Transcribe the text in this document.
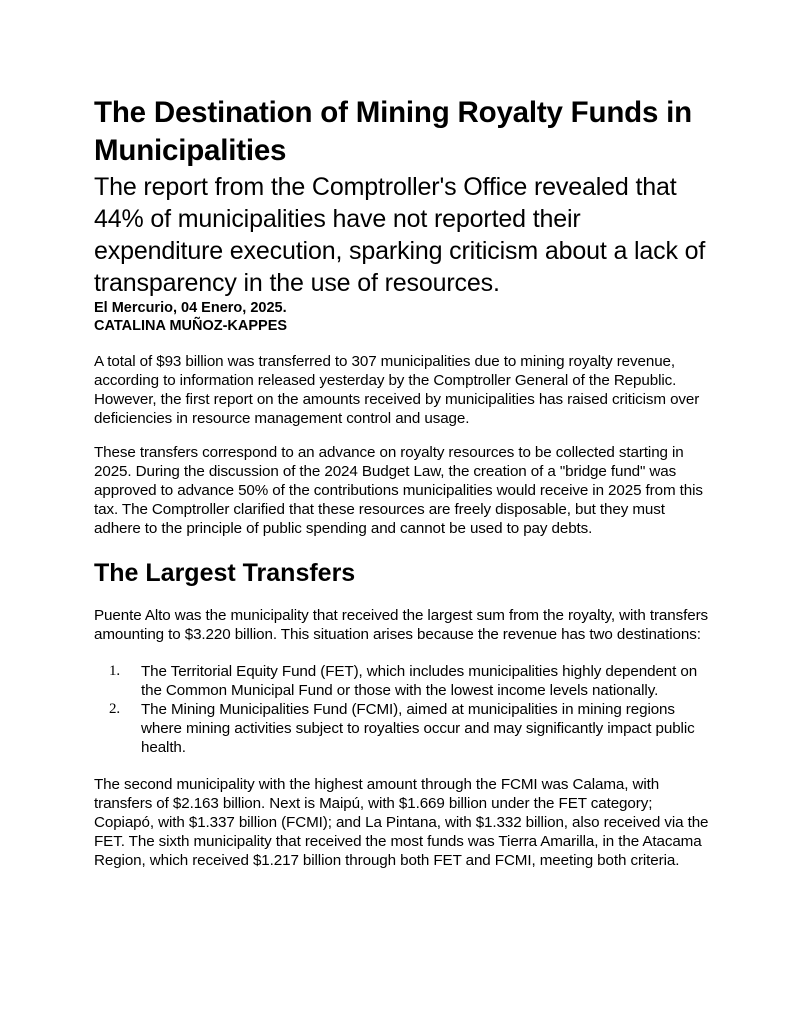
The Destination of Mining Royalty Funds in Municipalities
The report from the Comptroller's Office revealed that 44% of municipalities have not reported their expenditure execution, sparking criticism about a lack of transparency in the use of resources.
El Mercurio, 04 Enero, 2025.
CATALINA MUÑOZ-KAPPES

A total of $93 billion was transferred to 307 municipalities due to mining royalty revenue, according to information released yesterday by the Comptroller General of the Republic. However, the first report on the amounts received by municipalities has raised criticism over deficiencies in resource management control and usage.

These transfers correspond to an advance on royalty resources to be collected starting in 2025. During the discussion of the 2024 Budget Law, the creation of a "bridge fund" was approved to advance 50% of the contributions municipalities would receive in 2025 from this tax. The Comptroller clarified that these resources are freely disposable, but they must adhere to the principle of public spending and cannot be used to pay debts.

The Largest Transfers

Puente Alto was the municipality that received the largest sum from the royalty, with transfers amounting to $3.220 billion. This situation arises because the revenue has two destinations:

1. The Territorial Equity Fund (FET), which includes municipalities highly dependent on the Common Municipal Fund or those with the lowest income levels nationally.
2. The Mining Municipalities Fund (FCMI), aimed at municipalities in mining regions where mining activities subject to royalties occur and may significantly impact public health.

The second municipality with the highest amount through the FCMI was Calama, with transfers of $2.163 billion. Next is Maipú, with $1.669 billion under the FET category; Copiapó, with $1.337 billion (FCMI); and La Pintana, with $1.332 billion, also received via the FET. The sixth municipality that received the most funds was Tierra Amarilla, in the Atacama Region, which received $1.217 billion through both FET and FCMI, meeting both criteria.
